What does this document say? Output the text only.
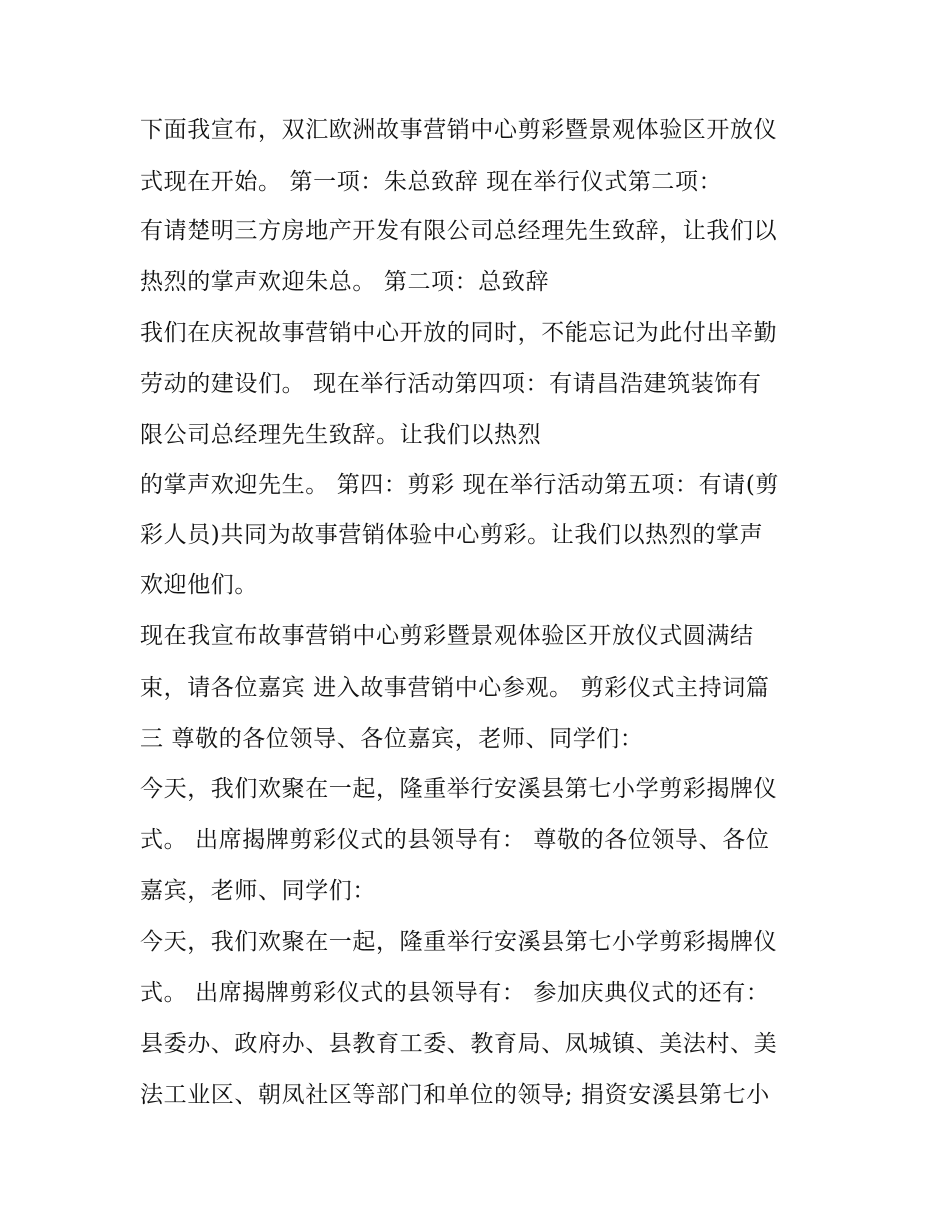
下面我宣布，双汇欧洲故事营销中心剪彩暨景观体验区开放仪
式现在开始。 第一项：朱总致辞 现在举行仪式第二项：
有请楚明三方房地产开发有限公司总经理先生致辞，让我们以
热烈的掌声欢迎朱总。 第二项：总致辞
我们在庆祝故事营销中心开放的同时，不能忘记为此付出辛勤
劳动的建设们。 现在举行活动第四项：有请昌浩建筑装饰有
限公司总经理先生致辞。让我们以热烈
的掌声欢迎先生。 第四：剪彩 现在举行活动第五项：有请(剪
彩人员)共同为故事营销体验中心剪彩。让我们以热烈的掌声
欢迎他们。
现在我宣布故事营销中心剪彩暨景观体验区开放仪式圆满结
束，请各位嘉宾 进入故事营销中心参观。 剪彩仪式主持词篇
三 尊敬的各位领导、各位嘉宾，老师、同学们：
今天，我们欢聚在一起，隆重举行安溪县第七小学剪彩揭牌仪
式。 出席揭牌剪彩仪式的县领导有： 尊敬的各位领导、各位
嘉宾，老师、同学们：
今天，我们欢聚在一起，隆重举行安溪县第七小学剪彩揭牌仪
式。 出席揭牌剪彩仪式的县领导有： 参加庆典仪式的还有：
县委办、政府办、县教育工委、教育局、凤城镇、美法村、美
法工业区、朝凤社区等部门和单位的领导; 捐资安溪县第七小
